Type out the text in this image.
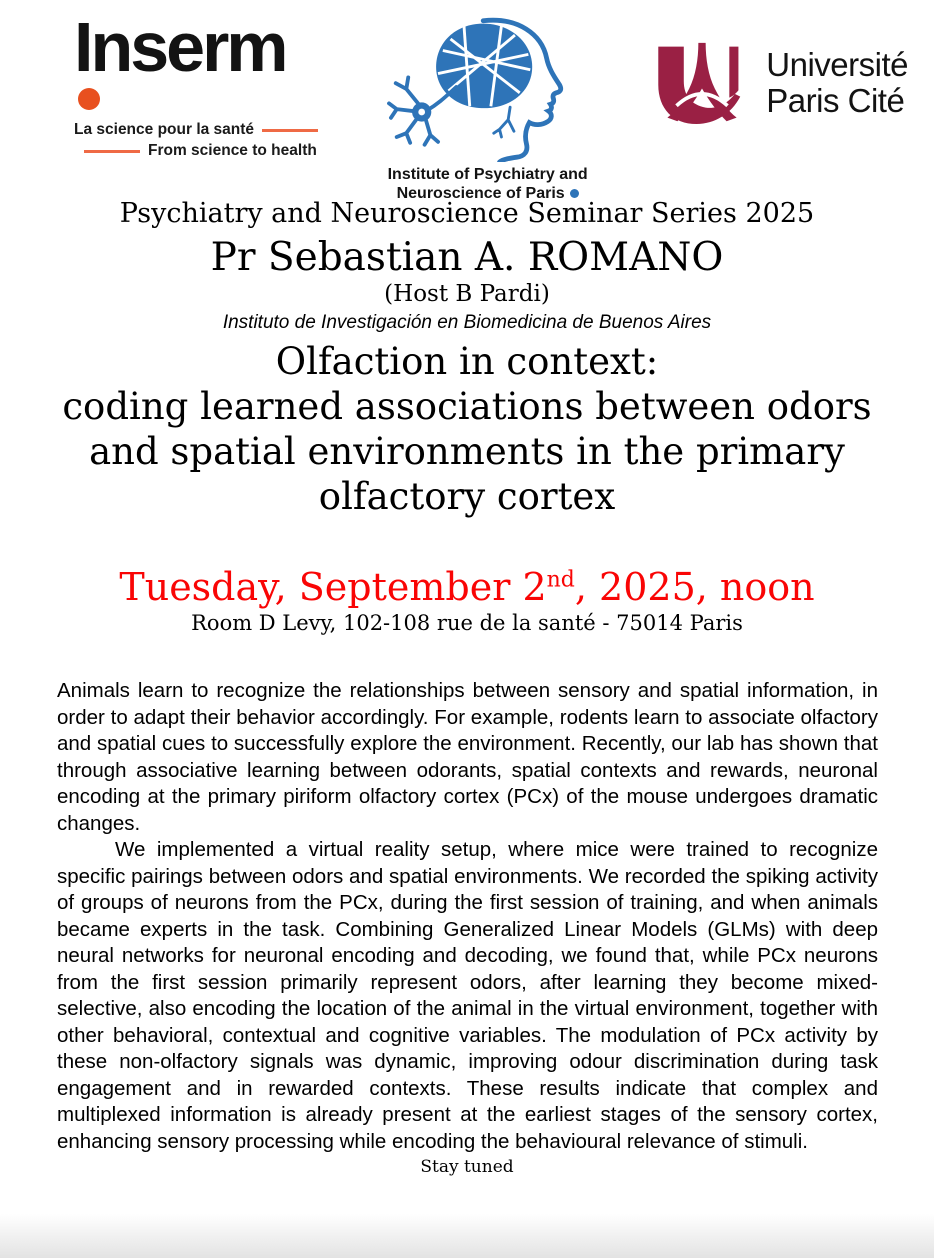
Inserm
La science pour la santé
From science to health
Institute of Psychiatry and
Neuroscience of Paris
Université
Paris Cité
Psychiatry and Neuroscience Seminar Series 2025
Pr Sebastian A. ROMANO
(Host B Pardi)
Instituto de Investigación en Biomedicina de Buenos Aires
Olfaction in context:
coding learned associations between odors
and spatial environments in the primary
olfactory cortex
Tuesday, September 2nd, 2025, noon
Room D Levy, 102-108 rue de la santé - 75014 Paris

Animals learn to recognize the relationships between sensory and spatial information, in order to adapt their behavior accordingly. For example, rodents learn to associate olfactory and spatial cues to successfully explore the environment. Recently, our lab has shown that through associative learning between odorants, spatial contexts and rewards, neuronal encoding at the primary piriform olfactory cortex (PCx) of the mouse undergoes dramatic changes.

We implemented a virtual reality setup, where mice were trained to recognize specific pairings between odors and spatial environments. We recorded the spiking activity of groups of neurons from the PCx, during the first session of training, and when animals became experts in the task. Combining Generalized Linear Models (GLMs) with deep neural networks for neuronal encoding and decoding, we found that, while PCx neurons from the first session primarily represent odors, after learning they become mixed-selective, also encoding the location of the animal in the virtual environment, together with other behavioral, contextual and cognitive variables. The modulation of PCx activity by these non-olfactory signals was dynamic, improving odour discrimination during task engagement and in rewarded contexts. These results indicate that complex and multiplexed information is already present at the earliest stages of the sensory cortex, enhancing sensory processing while encoding the behavioural relevance of stimuli.

Stay tuned
